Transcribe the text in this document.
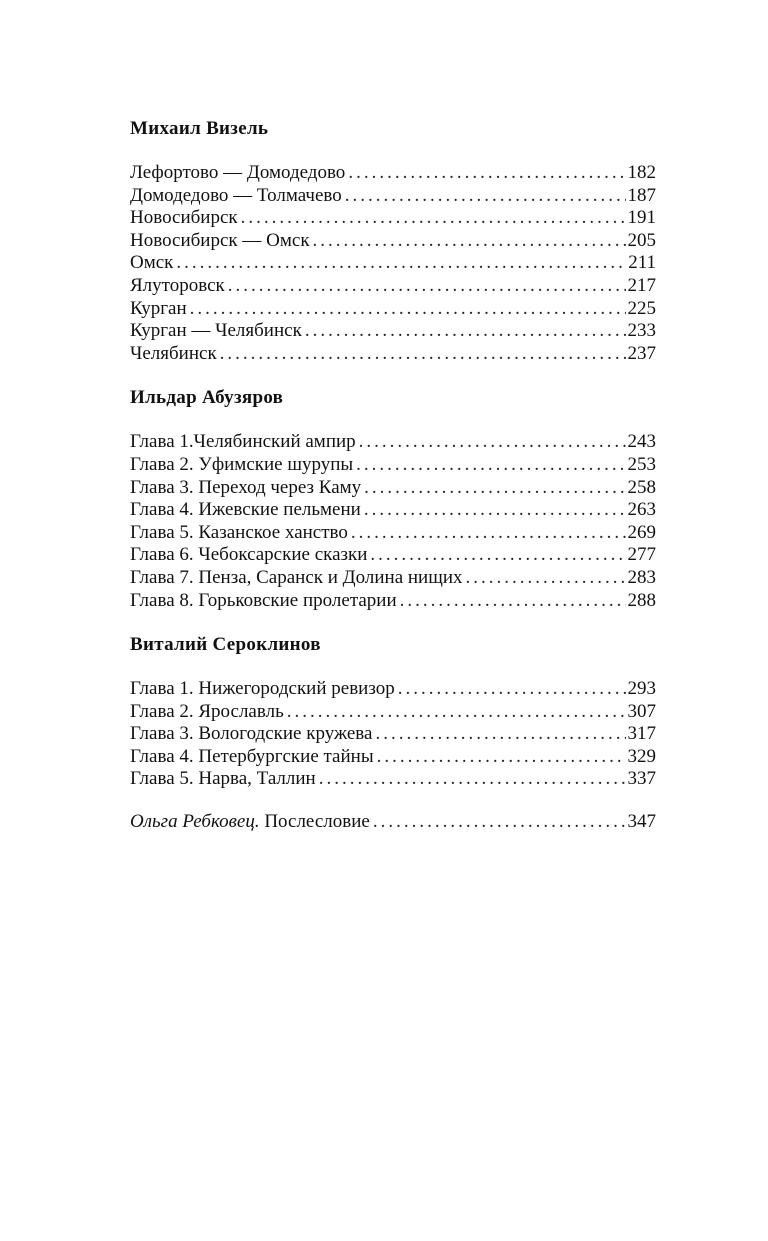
Михаил Визель
Лефортово — Домодедово .....	182
Домодедово — Толмачево .....	187
Новосибирск .....	191
Новосибирск — Омск .....	205
Омск .....	211
Ялуторовск .....	217
Курган .....	225
Курган — Челябинск .....	233
Челябинск .....	237
Ильдар Абузяров
Глава 1.Челябинский ампир .....	243
Глава 2. Уфимские шурупы .....	253
Глава 3. Переход через Каму .....	258
Глава 4. Ижевские пельмени .....	263
Глава 5. Казанское ханство .....	269
Глава 6. Чебоксарские сказки .....	277
Глава 7. Пенза, Саранск и Долина нищих .....	283
Глава 8. Горьковские пролетарии .....	288
Виталий Сероклинов
Глава 1. Нижегородский ревизор .....	293
Глава 2. Ярославль .....	307
Глава 3. Вологодские кружева .....	317
Глава 4. Петербургские тайны .....	329
Глава 5. Нарва, Таллин .....	337
Ольга Ребковец. Послесловие .....	347
